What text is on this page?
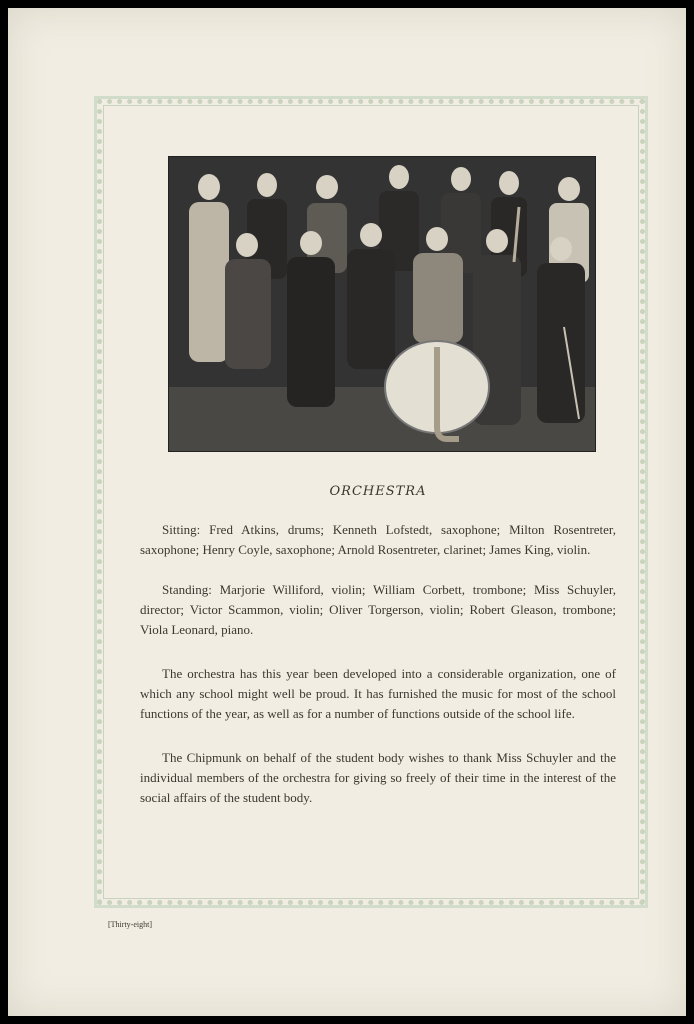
ORCHESTRA

Sitting: Fred Atkins, drums; Kenneth Lofstedt, saxophone; Milton Rosentreter, saxophone; Henry Coyle, saxophone; Arnold Rosentreter, clarinet; James King, violin.

Standing: Marjorie Williford, violin; William Corbett, trombone; Miss Schuyler, director; Victor Scammon, violin; Oliver Torgerson, violin; Robert Gleason, trombone; Viola Leonard, piano.

The orchestra has this year been developed into a considerable organization, one of which any school might well be proud. It has furnished the music for most of the school functions of the year, as well as for a number of functions outside of the school life.

The Chipmunk on behalf of the student body wishes to thank Miss Schuyler and the individual members of the orchestra for giving so freely of their time in the interest of the social affairs of the student body.

[Thirty-eight]
